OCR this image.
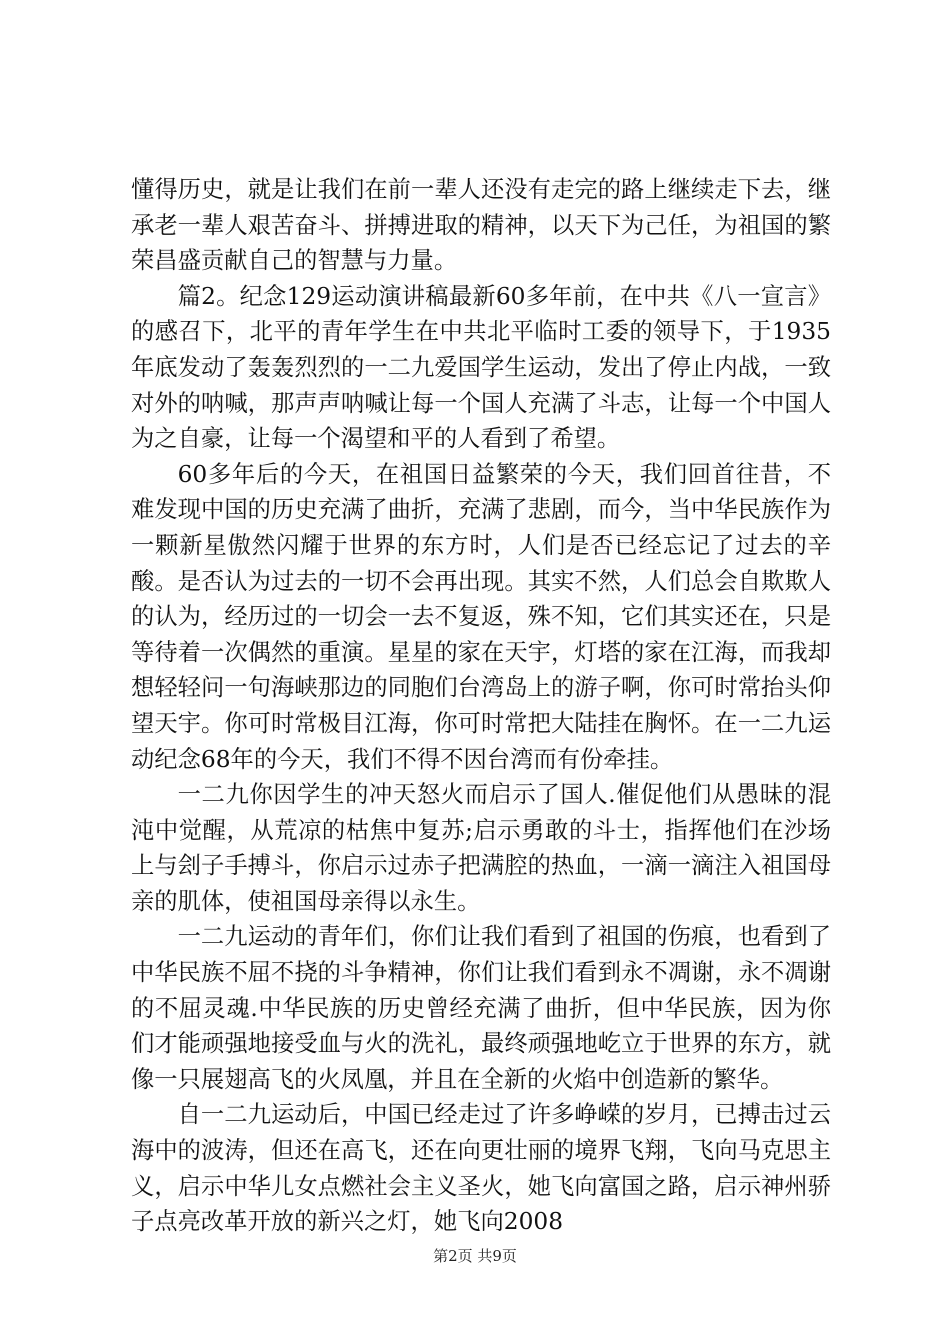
懂得历史，就是让我们在前一辈人还没有走完的路上继续走下去，继承老一辈人艰苦奋斗、拼搏进取的精神，以天下为己任，为祖国的繁荣昌盛贡献自己的智慧与力量。

篇2。纪念129运动演讲稿最新60多年前，在中共《八一宣言》的感召下，北平的青年学生在中共北平临时工委的领导下，于1935年底发动了轰轰烈烈的一二九爱国学生运动，发出了停止内战，一致对外的呐喊，那声声呐喊让每一个国人充满了斗志，让每一个中国人为之自豪，让每一个渴望和平的人看到了希望。

60多年后的今天，在祖国日益繁荣的今天，我们回首往昔，不难发现中国的历史充满了曲折，充满了悲剧，而今，当中华民族作为一颗新星傲然闪耀于世界的东方时，人们是否已经忘记了过去的辛酸。是否认为过去的一切不会再出现。其实不然，人们总会自欺欺人的认为，经历过的一切会一去不复返，殊不知，它们其实还在，只是等待着一次偶然的重演。星星的家在天宇，灯塔的家在江海，而我却想轻轻问一句海峡那边的同胞们台湾岛上的游子啊，你可时常抬头仰望天宇。你可时常极目江海，你可时常把大陆挂在胸怀。在一二九运动纪念68年的今天，我们不得不因台湾而有份牵挂。

一二九你因学生的冲天怒火而启示了国人.催促他们从愚昧的混沌中觉醒，从荒凉的枯焦中复苏;启示勇敢的斗士，指挥他们在沙场上与刽子手搏斗，你启示过赤子把满腔的热血，一滴一滴注入祖国母亲的肌体，使祖国母亲得以永生。

一二九运动的青年们，你们让我们看到了祖国的伤痕，也看到了中华民族不屈不挠的斗争精神，你们让我们看到永不凋谢，永不凋谢的不屈灵魂.中华民族的历史曾经充满了曲折，但中华民族，因为你们才能顽强地接受血与火的洗礼，最终顽强地屹立于世界的东方，就像一只展翅高飞的火凤凰，并且在全新的火焰中创造新的繁华。

自一二九运动后，中国已经走过了许多峥嵘的岁月，已搏击过云海中的波涛，但还在高飞，还在向更壮丽的境界飞翔，飞向马克思主义，启示中华儿女点燃社会主义圣火，她飞向富国之路，启示神州骄子点亮改革开放的新兴之灯，她飞向2008

第2页 共9页
